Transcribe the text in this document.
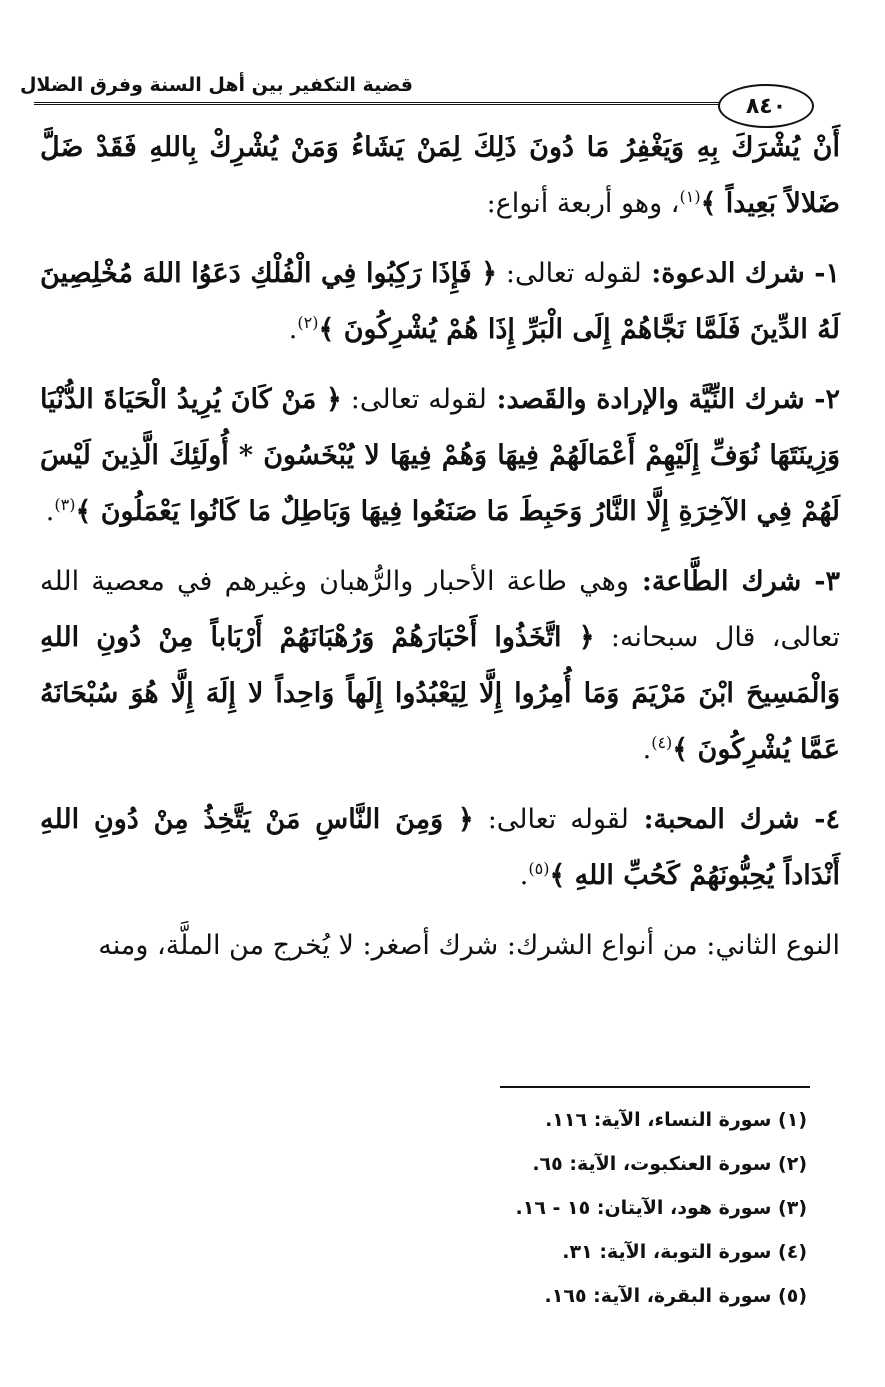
قضية التكفير بين أهل السنة وفرق الضلال
٨٤٠

أَنْ يُشْرَكَ بِهِ وَيَغْفِرُ مَا دُونَ ذَلِكَ لِمَنْ يَشَاءُ وَمَنْ يُشْرِكْ بِاللهِ فَقَدْ ضَلَّ ضَلالاً بَعِيداً ﴾$^{(١)}$، وهو أربعة أنواع:

١- شرك الدعوة: لقوله تعالى: ﴿ فَإِذَا رَكِبُوا فِي الْفُلْكِ دَعَوُا اللهَ مُخْلِصِينَ لَهُ الدِّينَ فَلَمَّا نَجَّاهُمْ إِلَى الْبَرِّ إِذَا هُمْ يُشْرِكُونَ ﴾$^{(٢)}$.

٢- شرك النِّيَّة والإرادة والقَصد: لقوله تعالى: ﴿ مَنْ كَانَ يُرِيدُ الْحَيَاةَ الدُّنْيَا وَزِينَتَهَا نُوَفِّ إِلَيْهِمْ أَعْمَالَهُمْ فِيهَا وَهُمْ فِيهَا لا يُبْخَسُونَ * أُولَئِكَ الَّذِينَ لَيْسَ لَهُمْ فِي الآخِرَةِ إِلَّا النَّارُ وَحَبِطَ مَا صَنَعُوا فِيهَا وَبَاطِلٌ مَا كَانُوا يَعْمَلُونَ ﴾$^{(٣)}$.

٣- شرك الطَّاعة: وهي طاعة الأحبار والرُّهبان وغيرهم في معصية الله تعالى، قال سبحانه: ﴿ اتَّخَذُوا أَحْبَارَهُمْ وَرُهْبَانَهُمْ أَرْبَاباً مِنْ دُونِ اللهِ وَالْمَسِيحَ ابْنَ مَرْيَمَ وَمَا أُمِرُوا إِلَّا لِيَعْبُدُوا إِلَهاً وَاحِداً لا إِلَهَ إِلَّا هُوَ سُبْحَانَهُ عَمَّا يُشْرِكُونَ ﴾$^{(٤)}$.

٤- شرك المحبة: لقوله تعالى: ﴿ وَمِنَ النَّاسِ مَنْ يَتَّخِذُ مِنْ دُونِ اللهِ أَنْدَاداً يُحِبُّونَهُمْ كَحُبِّ اللهِ ﴾$^{(٥)}$.

النوع الثاني: من أنواع الشرك: شرك أصغر: لا يُخرج من الملَّة، ومنه

(١) سورة النساء، الآية: ١١٦.
(٢) سورة العنكبوت، الآية: ٦٥.
(٣) سورة هود، الآيتان: ١٥ - ١٦.
(٤) سورة التوبة، الآية: ٣١.
(٥) سورة البقرة، الآية: ١٦٥.
